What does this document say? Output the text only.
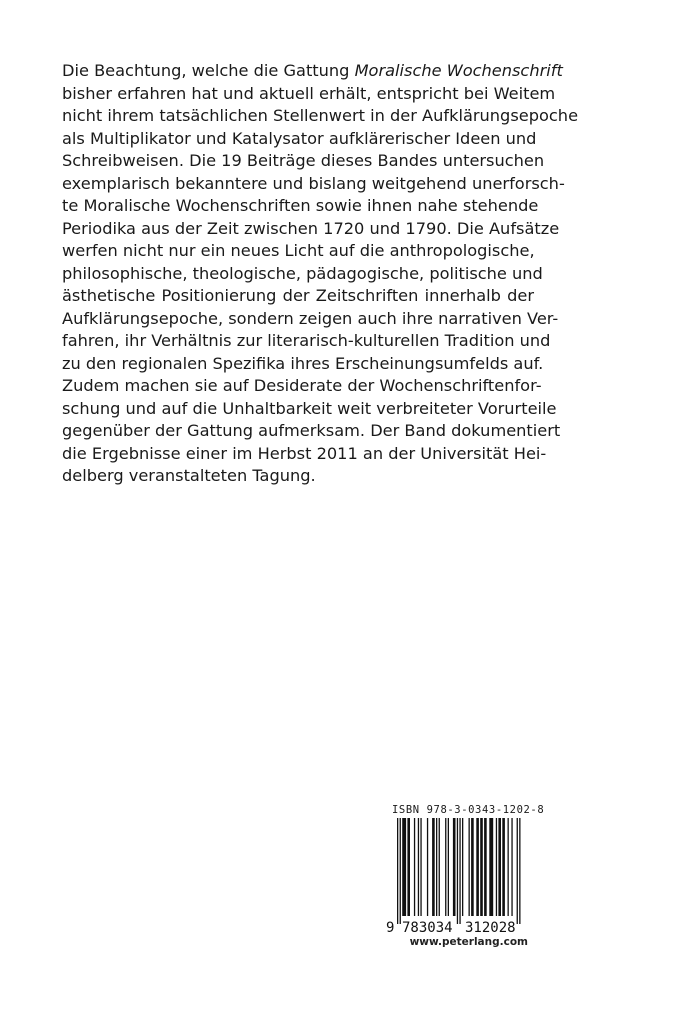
Die Beachtung, welche die Gattung Moralische Wochenschrift
bisher erfahren hat und aktuell erhält, entspricht bei Weitem
nicht ihrem tatsächlichen Stellenwert in der Aufklärungsepoche
als Multiplikator und Katalysator aufklärerischer Ideen und
Schreibweisen. Die 19 Beiträge dieses Bandes untersuchen
exemplarisch bekanntere und bislang weitgehend unerforsch-
te Moralische Wochenschriften sowie ihnen nahe stehende
Periodika aus der Zeit zwischen 1720 und 1790. Die Aufsätze
werfen nicht nur ein neues Licht auf die anthropologische,
philosophische, theologische, pädagogische, politische und
ästhetische Positionierung der Zeitschriften innerhalb der
Aufklärungsepoche, sondern zeigen auch ihre narrativen Ver-
fahren, ihr Verhältnis zur literarisch-kulturellen Tradition und
zu den regionalen Spezifika ihres Erscheinungsumfelds auf.
Zudem machen sie auf Desiderate der Wochenschriftenfor-
schung und auf die Unhaltbarkeit weit verbreiteter Vorurteile
gegenüber der Gattung aufmerksam. Der Band dokumentiert
die Ergebnisse einer im Herbst 2011 an der Universität Hei-
delberg veranstalteten Tagung.
ISBN 978-3-0343-1202-8
9 783034 312028
www.peterlang.com
